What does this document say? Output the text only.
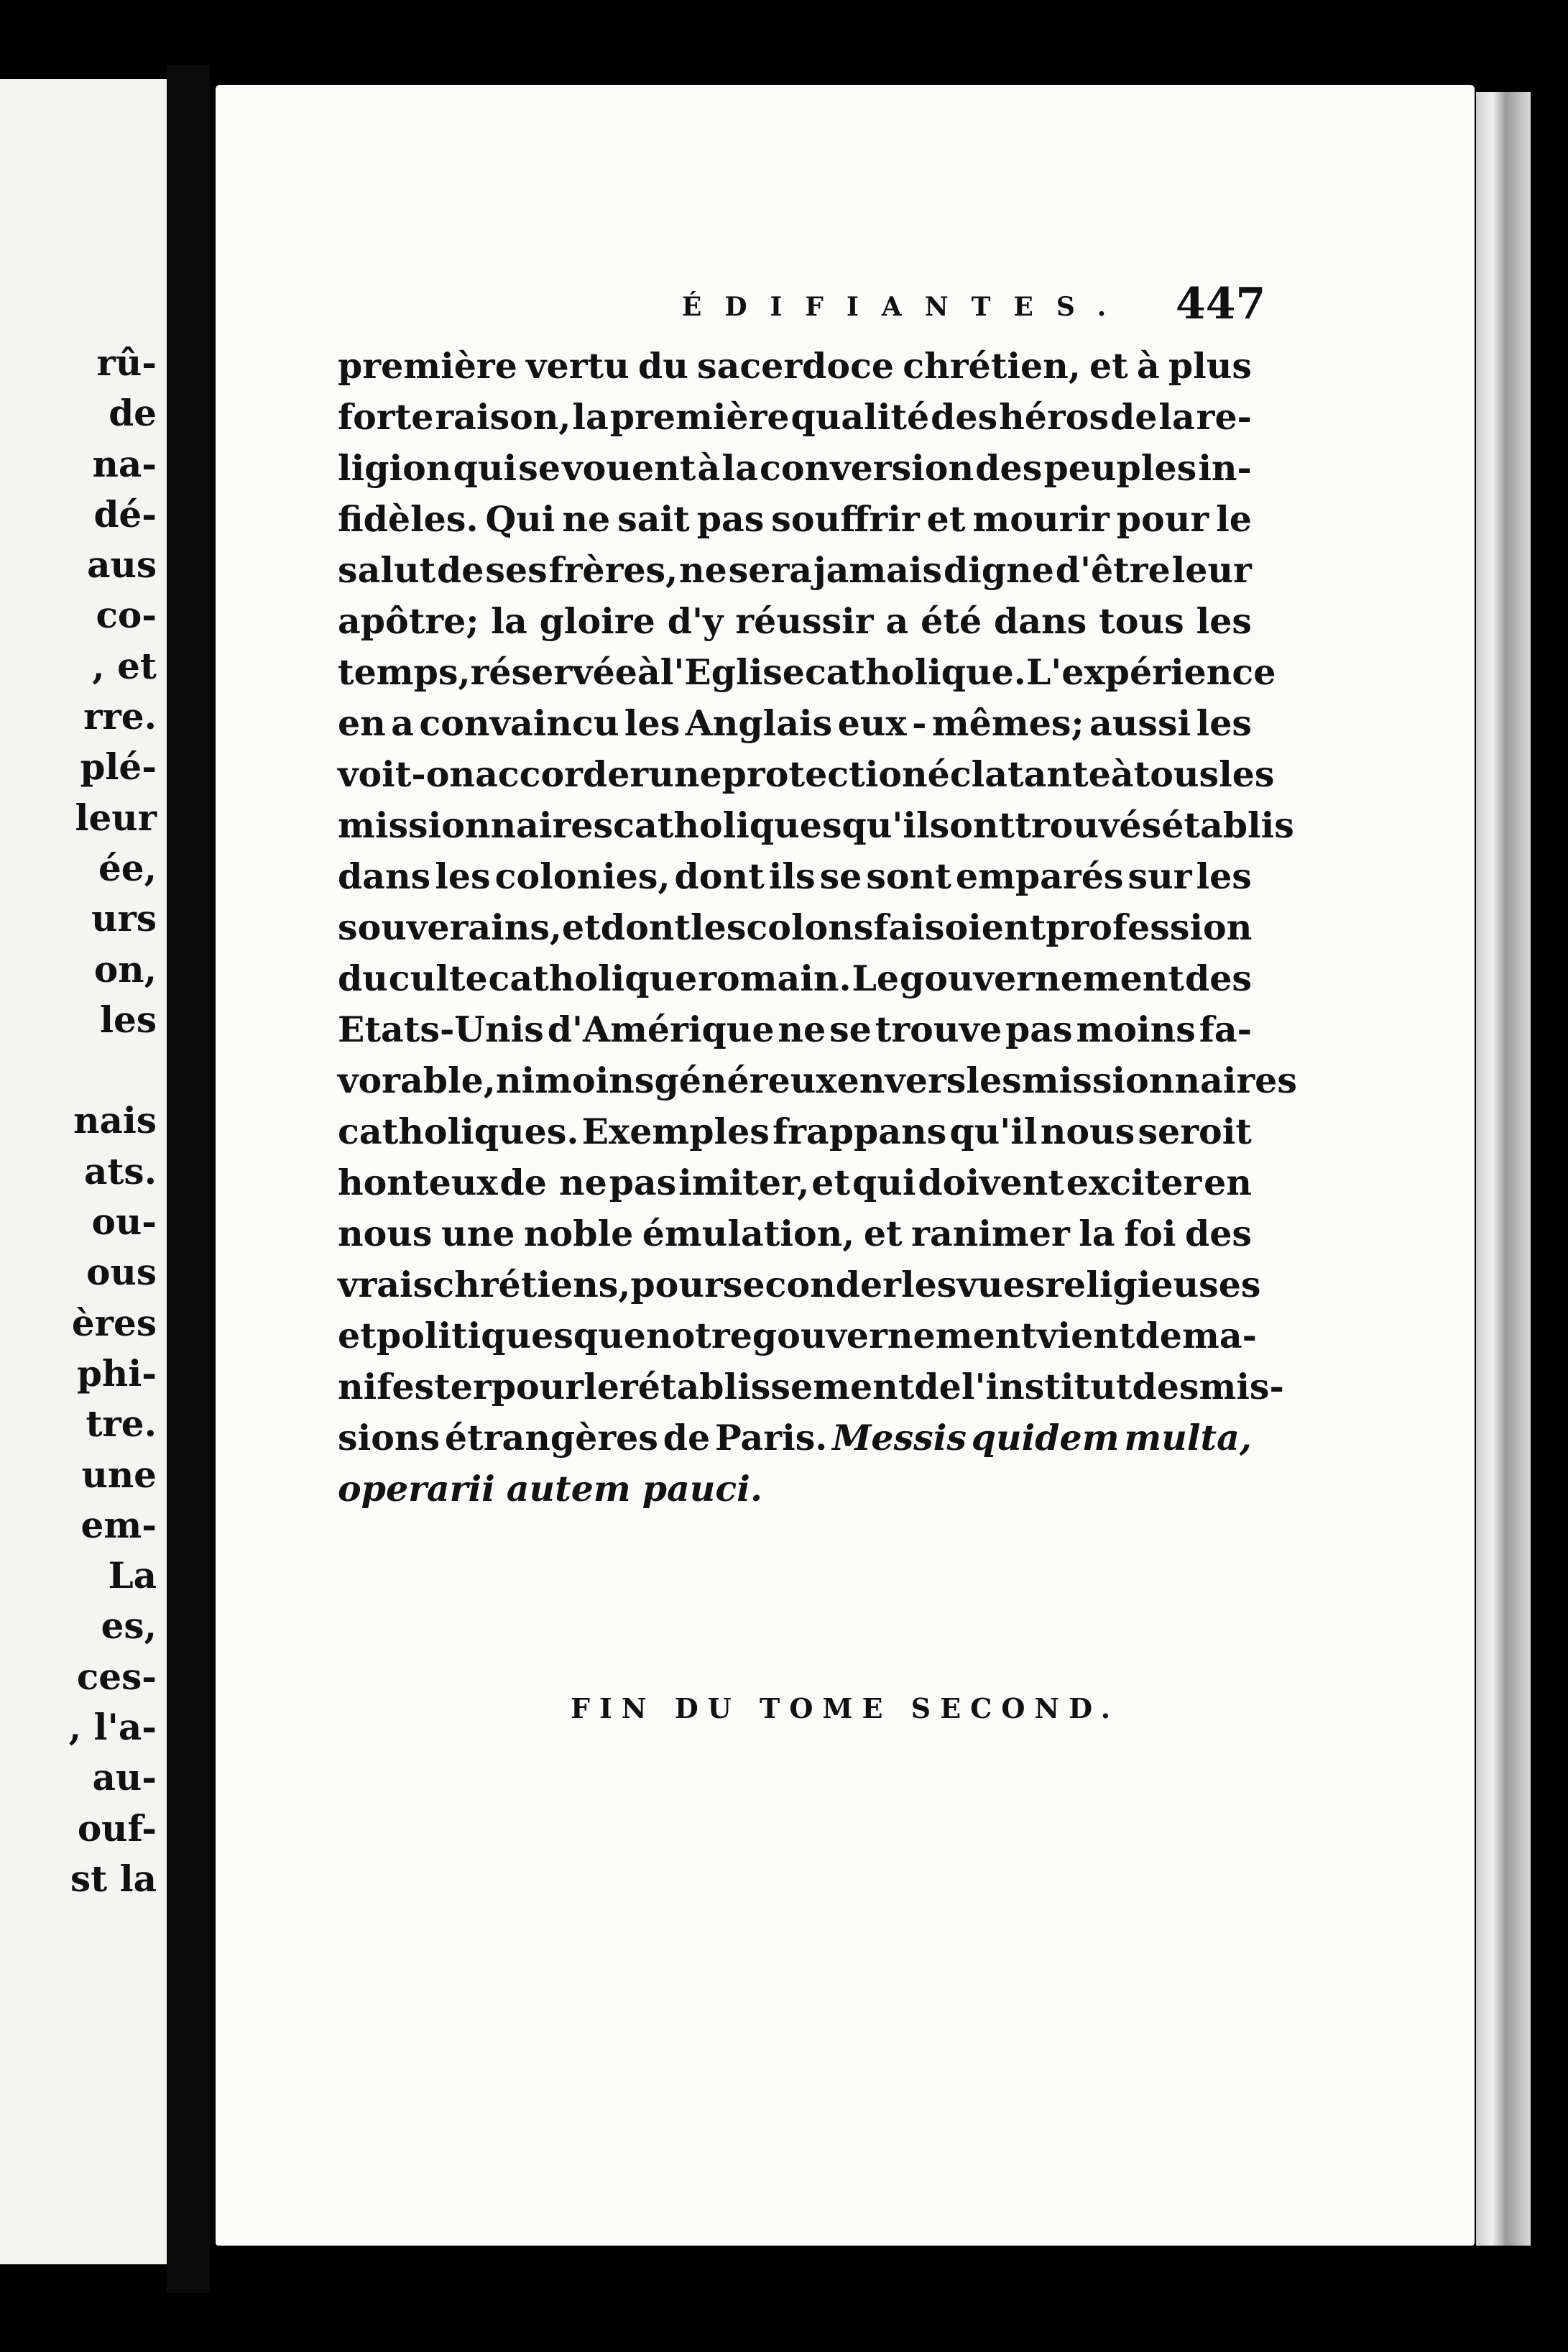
rû-
de
na-
dé-
aus
co-
, et
rre.
plé-
leur
ée,
urs
on,
les

nais
ats.
ou-
ous
ères
phi-
tre.
une
em-
La
es,
ces-
, l'a-
au-
ouf-
st la
ÉDIFIANTES.	447
première vertu du sacerdoce chrétien, et à plus
forte raison, la première qualité des héros de la re-
ligion qui se vouent à la conversion des peuples in-
fidèles. Qui ne sait pas souffrir et mourir pour le
salut de ses frères, ne sera jamais digne d'être leur
apôtre; la gloire d'y réussir a été dans tous les
temps, réservée à l'Eglise catholique. L'expérience
en a convaincu les Anglais eux - mêmes; aussi les
voit-on accorder une protection éclatante à tous les
missionnaires catholiques qu'ils ont trouvés établis
dans les colonies, dont ils se sont emparés sur les
souverains, et dont les colons faisoient profession
du culte catholique romain. Le gouvernement des
Etats-Unis d'Amérique ne se trouve pas moins fa-
vorable, ni moins généreux envers les missionnaires
catholiques. Exemples frappans qu'il nous seroit
honteux de ne pas imiter, et qui doivent exciter en
nous une noble émulation, et ranimer la foi des
vrais chrétiens, pour seconder les vues religieuses
et politiques que notre gouvernement vient de ma-
nifester pour le rétablissement de l'institut des mis-
sions étrangères de Paris. Messis quidem multa,
operarii autem pauci.
FIN DU TOME SECOND.
